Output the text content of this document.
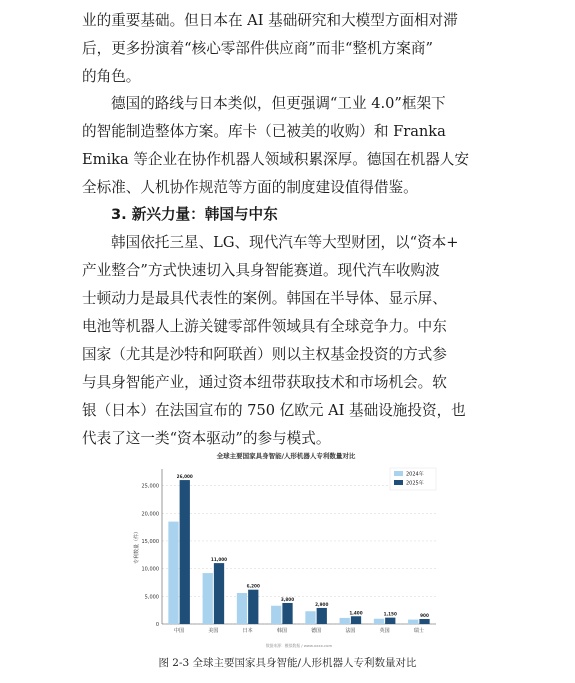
业的重要基础。但日本在 AI 基础研究和大模型方面相对滞
后，更多扮演着“核心零部件供应商”而非“整机方案商”
的角色。
德国的路线与日本类似，但更强调“工业 4.0”框架下
的智能制造整体方案。库卡（已被美的收购）和 Franka
Emika 等企业在协作机器人领域积累深厚。德国在机器人安
全标准、人机协作规范等方面的制度建设值得借鉴。
3. 新兴力量：韩国与中东
韩国依托三星、LG、现代汽车等大型财团，以“资本+
产业整合”方式快速切入具身智能赛道。现代汽车收购波
士顿动力是最具代表性的案例。韩国在半导体、显示屏、
电池等机器人上游关键零部件领域具有全球竞争力。中东
国家（尤其是沙特和阿联酋）则以主权基金投资的方式参
与具身智能产业，通过资本纽带获取技术和市场机会。软
银（日本）在法国宣布的 750 亿欧元 AI 基础设施投资，也
代表了这一类“资本驱动”的参与模式。
全球主要国家具身智能/人形机器人专利数量对比
0
5,000
10,000
15,000
20,000
25,000
专利数量（件）
26,000
中国
11,000
美国
6,200
日本
3,800
韩国
2,900
德国
1,400
法国
1,150
英国
900
瑞士
2024年
2025年
数据来源：模拟数据 / www.xxxx.com
图 2-3 全球主要国家具身智能/人形机器人专利数量对比
